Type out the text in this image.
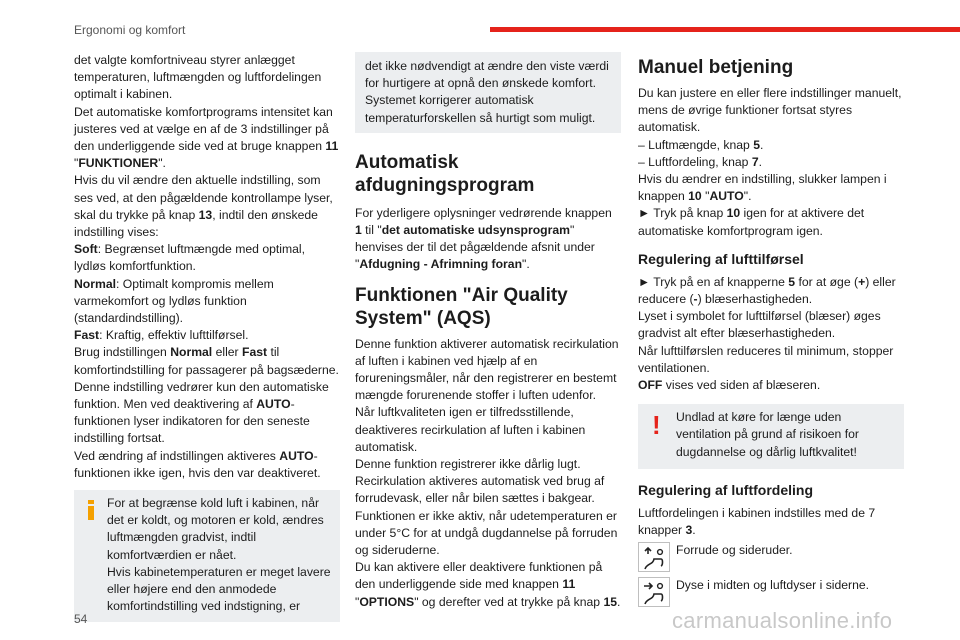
Ergonomi og komfort
det valgte komfortniveau styrer anlægget temperaturen, luftmængden og luftfordelingen optimalt i kabinen.
Det automatiske komfortprograms intensitet kan justeres ved at vælge en af de 3 indstillinger på den underliggende side ved at bruge knappen 11
"FUNKTIONER".
Hvis du vil ændre den aktuelle indstilling, som ses ved, at den pågældende kontrollampe lyser, skal du trykke på knap 13, indtil den ønskede indstilling vises:
Soft: Begrænset luftmængde med optimal, lydløs komfortfunktion.
Normal: Optimalt kompromis mellem varmekomfort og lydløs funktion (standardindstilling).
Fast: Kraftig, effektiv lufttilførsel.
Brug indstillingen Normal eller Fast til komfortindstilling for passagerer på bagsæderne.
Denne indstilling vedrører kun den automatiske funktion. Men ved deaktivering af AUTO-funktionen lyser indikatoren for den seneste indstilling fortsat.
Ved ændring af indstillingen aktiveres AUTO-funktionen ikke igen, hvis den var deaktiveret.
For at begrænse kold luft i kabinen, når det er koldt, og motoren er kold, ændres luftmængden gradvist, indtil komfortværdien er nået.
Hvis kabinetemperaturen er meget lavere eller højere end den anmodede komfortindstilling ved indstigning, er
det ikke nødvendigt at ændre den viste værdi for hurtigere at opnå den ønskede komfort. Systemet korrigerer automatisk temperaturforskellen så hurtigt som muligt.
Automatisk afdugningsprogram
For yderligere oplysninger vedrørende knappen 1 til "det automatiske udsynsprogram" henvises der til det pågældende afsnit under "Afdugning - Afrimning foran".
Funktionen "Air Quality System" (AQS)
Denne funktion aktiverer automatisk recirkulation af luften i kabinen ved hjælp af en forureningsmåler, når den registrerer en bestemt mængde forurenende stoffer i luften udenfor.
Når luftkvaliteten igen er tilfredsstillende, deaktiveres recirkulation af luften i kabinen automatisk.
Denne funktion registrerer ikke dårlig lugt.
Recirkulation aktiveres automatisk ved brug af forrudevask, eller når bilen sættes i bakgear.
Funktionen er ikke aktiv, når udetemperaturen er under 5°C for at undgå dugdannelse på forruden og sideruderne.
Du kan aktivere eller deaktivere funktionen på den underliggende side med knappen 11
"OPTIONS" og derefter ved at trykke på knap 15.
Manuel betjening
Du kan justere en eller flere indstillinger manuelt, mens de øvrige funktioner fortsat styres automatisk.
– Luftmængde, knap 5.
– Luftfordeling, knap 7.
Hvis du ændrer en indstilling, slukker lampen i knappen 10 "AUTO".
► Tryk på knap 10 igen for at aktivere det automatiske komfortprogram igen.
Regulering af lufttilførsel
► Tryk på en af knapperne 5 for at øge (+) eller reducere (-) blæserhastigheden.
Lyset i symbolet for lufttilførsel (blæser) øges gradvist alt efter blæserhastigheden.
Når lufttilførslen reduceres til minimum, stopper ventilationen.
OFF vises ved siden af blæseren.
! Undlad at køre for længe uden ventilation på grund af risikoen for dugdannelse og dårlig luftkvalitet!
Regulering af luftfordeling
Luftfordelingen i kabinen indstilles med de 7 knapper 3.
Forrude og sideruder.
Dyse i midten og luftdyser i siderne.
54	carmanualsonline.info
